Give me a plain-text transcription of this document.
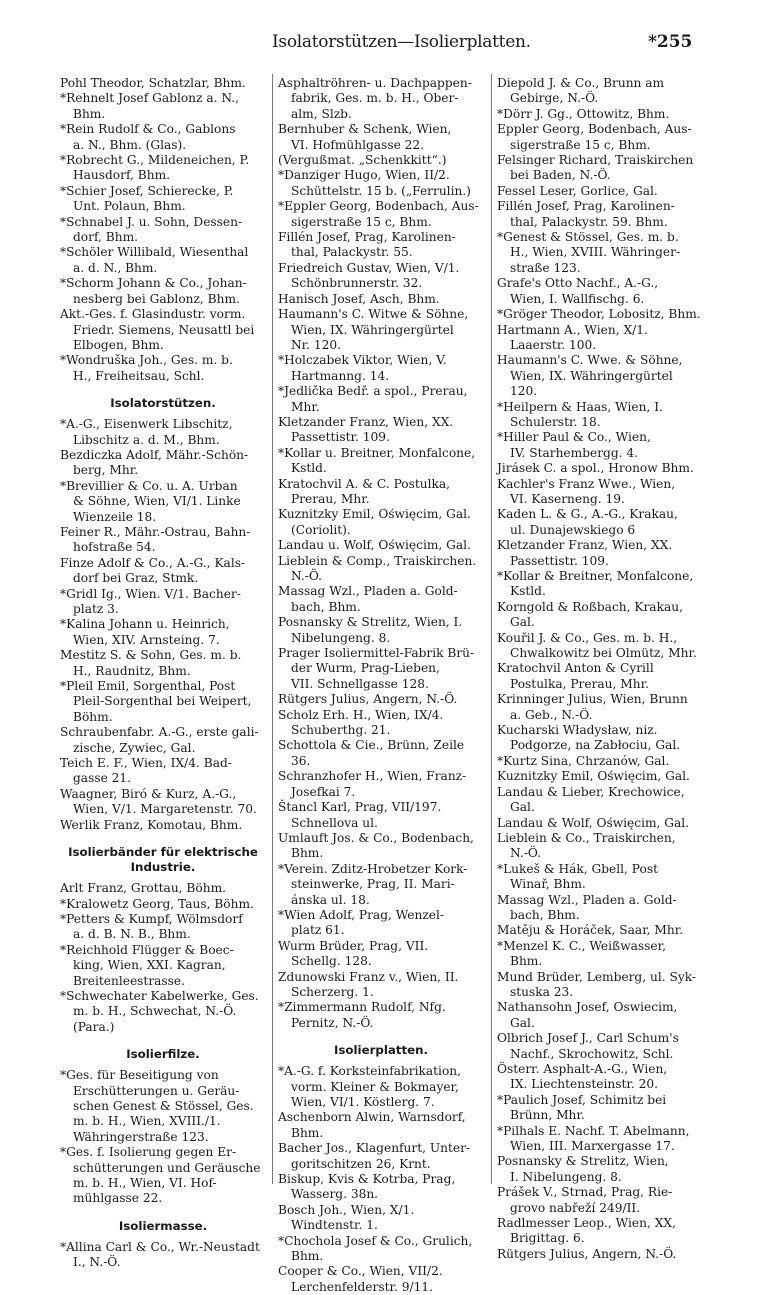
Isolatorstützen—Isolierplatten.	*255
Pohl Theodor, Schatzlar, Bhm.
*Rehnelt Josef Gablonz a. N.,
Bhm.
*Rein Rudolf & Co., Gablons
a. N., Bhm. (Glas).
*Robrecht G., Mildeneichen, P.
Hausdorf, Bhm.
*Schier Josef, Schierecke, P.
Unt. Polaun, Bhm.
*Schnabel J. u. Sohn, Dessen-
dorf, Bhm.
*Schöler Willibald, Wiesenthal
a. d. N., Bhm.
*Schorm Johann & Co., Johan-
nesberg bei Gablonz, Bhm.
Akt.-Ges. f. Glasindustr. vorm.
Friedr. Siemens, Neusattl bei
Elbogen, Bhm.
*Wondruška Joh., Ges. m. b.
H., Freiheitsau, Schl.
Isolatorstützen.
*A.-G., Eisenwerk Libschitz,
Libschitz a. d. M., Bhm.
Bezdiczka Adolf, Mähr.-Schön-
berg, Mhr.
*Brevillier & Co. u. A. Urban
& Söhne, Wien, VI/1. Linke
Wienzeile 18.
Feiner R., Mähr.-Ostrau, Bahn-
hofstraße 54.
Finze Adolf & Co., A.-G., Kals-
dorf bei Graz, Stmk.
*Gridl Ig., Wien. V/1. Bacher-
platz 3.
*Kalina Johann u. Heinrich,
Wien, XIV. Arnsteing. 7.
Mestitz S. & Sohn, Ges. m. b.
H., Raudnitz, Bhm.
*Pleil Emil, Sorgenthal, Post
Pleil-Sorgenthal bei Weipert,
Böhm.
Schraubenfabr. A.-G., erste gali-
zische, Zywiec, Gal.
Teich E. F., Wien, IX/4. Bad-
gasse 21.
Waagner, Biró & Kurz, A.-G.,
Wien, V/1. Margaretenstr. 70.
Werlik Franz, Komotau, Bhm.
Isolierbänder für elektrische
Industrie.
Arlt Franz, Grottau, Böhm.
*Kralowetz Georg, Taus, Böhm.
*Petters & Kumpf, Wölmsdorf
a. d. B. N. B., Bhm.
*Reichhold Flügger & Boec-
king, Wien, XXI. Kagran,
Breitenleestrasse.
*Schwechater Kabelwerke, Ges.
m. b. H., Schwechat, N.-Ö.
(Para.)
Isolierfilze.
*Ges. für Beseitigung von
Erschütterungen u. Geräu-
schen Genest & Stössel, Ges.
m. b. H., Wien, XVIII./1.
Währingerstraße 123.
*Ges. f. Isolierung gegen Er-
schütterungen und Geräusche
m. b. H., Wien, VI. Hof-
mühlgasse 22.
Isoliermasse.
*Allina Carl & Co., Wr.-Neustadt
I., N.-Ö.
Asphaltröhren- u. Dachpappen-
fabrik, Ges. m. b. H., Ober-
alm, Slzb.
Bernhuber & Schenk, Wien,
VI. Hofmühlgasse 22.
(Vergußmat. „Schenkkitt“.)
*Danziger Hugo, Wien, II/2.
Schüttelstr. 15 b. („Ferrulin.)
*Eppler Georg, Bodenbach, Aus-
sigerstraße 15 c, Bhm.
Fillén Josef, Prag, Karolinen-
thal, Palackystr. 55.
Friedreich Gustav, Wien, V/1.
Schönbrunnerstr. 32.
Hanisch Josef, Asch, Bhm.
Haumann's C. Witwe & Söhne,
Wien, IX. Währingergürtel
Nr. 120.
*Holczabek Viktor, Wien, V.
Hartmanng. 14.
*Jedlička Bedř. a spol., Prerau,
Mhr.
Kletzander Franz, Wien, XX.
Passettistr. 109.
*Kollar u. Breitner, Monfalcone,
Kstld.
Kratochvil A. & C. Postulka,
Prerau, Mhr.
Kuznitzky Emil, Oświęcim, Gal.
(Coriolit).
Landau u. Wolf, Oświęcim, Gal.
Lieblein & Comp., Traiskirchen.
N.-Ö.
Massag Wzl., Pladen a. Gold-
bach, Bhm.
Posnansky & Strelitz, Wien, I.
Nibelungeng. 8.
Prager Isoliermittel-Fabrik Brü-
der Wurm, Prag-Lieben,
VII. Schnellgasse 128.
Rütgers Julius, Angern, N.-Ö.
Scholz Erh. H., Wien, IX/4.
Schuberthg. 21.
Schottola & Cie., Brünn, Zeile 36.
Schranzhofer H., Wien, Franz-
Josefkai 7.
Štancl Karl, Prag, VII/197.
Schnellova ul.
Umlauft Jos. & Co., Bodenbach,
Bhm.
*Verein. Zditz-Hrobetzer Kork-
steinwerke, Prag, II. Mari-
ánska ul. 18.
*Wien Adolf, Prag, Wenzel-
platz 61.
Wurm Brüder, Prag, VII.
Schellg. 128.
Zdunowski Franz v., Wien, II.
Scherzerg. 1.
*Zimmermann Rudolf, Nfg.
Pernitz, N.-Ö.
Isolierplatten.
*A.-G. f. Korksteinfabrikation,
vorm. Kleiner & Bokmayer,
Wien, VI/1. Köstlerg. 7.
Aschenborn Alwin, Warnsdorf,
Bhm.
Bacher Jos., Klagenfurt, Unter-
goritschitzen 26, Krnt.
Biskup, Kvis & Kotrba, Prag,
Wasserg. 38n.
Bosch Joh., Wien, X/1.
Windtenstr. 1.
*Chochola Josef & Co., Grulich,
Bhm.
Cooper & Co., Wien, VII/2.
Lerchenfelderstr. 9/11.
Diepold J. & Co., Brunn am
Gebirge, N.-Ö.
*Dörr J. Gg., Ottowitz, Bhm.
Eppler Georg, Bodenbach, Aus-
sigerstraße 15 c, Bhm.
Felsinger Richard, Traiskirchen
bei Baden, N.-Ö.
Fessel Leser, Gorlice, Gal.
Fillén Josef, Prag, Karolinen-
thal, Palackystr. 59. Bhm.
*Genest & Stössel, Ges. m. b.
H., Wien, XVIII. Währinger-
straße 123.
Grafe's Otto Nachf., A.-G.,
Wien, I. Wallfischg. 6.
*Gröger Theodor, Lobositz, Bhm.
Hartmann A., Wien, X/1.
Laaerstr. 100.
Haumann's C. Wwe. & Söhne,
Wien, IX. Währingergürtel
120.
*Heilpern & Haas, Wien, I.
Schulerstr. 18.
*Hiller Paul & Co., Wien,
IV. Starhembergg. 4.
Jirásek C. a spol., Hronow Bhm.
Kachler's Franz Wwe., Wien,
VI. Kaserneng. 19.
Kaden L. & G., A.-G., Krakau,
ul. Dunajewskiego 6
Kletzander Franz, Wien, XX.
Passettistr. 109.
*Kollar & Breitner, Monfalcone,
Kstld.
Korngold & Roßbach, Krakau,
Gal.
Kouřil J. & Co., Ges. m. b. H.,
Chwalkowitz bei Olmütz, Mhr.
Kratochvil Anton & Cyrill
Postulka, Prerau, Mhr.
Krinninger Julius, Wien, Brunn
a. Geb., N.-Ö.
Kucharski Władysław, niz.
Podgorze, na Zabłociu, Gal.
*Kurtz Sina, Chrzanów, Gal.
Kuznitzky Emil, Oświęcim, Gal.
Landau & Lieber, Krechowice,
Gal.
Landau & Wolf, Oświęcim, Gal.
Lieblein & Co., Traiskirchen,
N.-Ö.
*Lukeš & Hák, Gbell, Post
Winař, Bhm.
Massag Wzl., Pladen a. Gold-
bach, Bhm.
Matěju & Horáček, Saar, Mhr.
*Menzel K. C., Weißwasser,
Bhm.
Mund Brüder, Lemberg, ul. Syk-
stuska 23.
Nathansohn Josef, Oswiecim,
Gal.
Olbrich Josef J., Carl Schum's
Nachf., Skrochowitz, Schl.
Österr. Asphalt-A.-G., Wien,
IX. Liechtensteinstr. 20.
*Paulich Josef, Schimitz bei
Brünn, Mhr.
*Pilhals E. Nachf. T. Abelmann,
Wien, III. Marxergasse 17.
Posnansky & Strelitz, Wien,
I. Nibelungeng. 8.
Prášek V., Strnad, Prag, Rie-
grovo nabřeží 249/II.
Radlmesser Leop., Wien, XX,
Brigittag. 6.
Rütgers Julius, Angern, N.-Ö.
